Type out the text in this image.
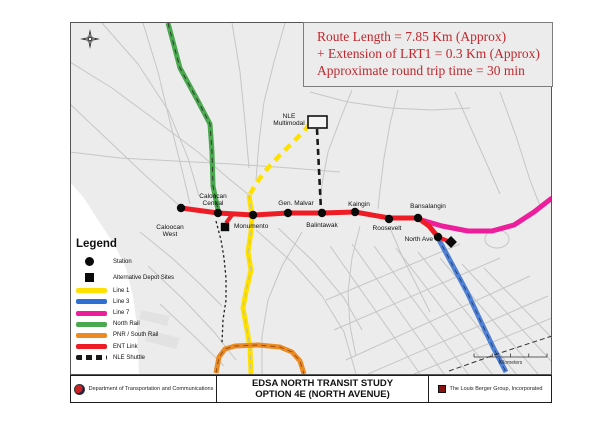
NLE
Multimodal
Caloocan
West
Caloocan
Central
Monumento
Gen. Malvar
Balintawak
Kaingin
Roosevelt
Bansalangin
North Ave
Kilometers
Route Length = 7.85 Km (Approx)
+ Extension of LRT1 = 0.3 Km (Approx)
Approximate round trip time = 30 min
Legend
Station
Alternative Depot Sites
Line 1
Line 3
Line 7
North Rail
PNR / South Rail
ENT Link
NLE Shuttle
Department of Transportation and Communications	EDSA NORTH TRANSIT STUDY
OPTION 4E (NORTH AVENUE)	The Louis Berger Group, Incorporated
